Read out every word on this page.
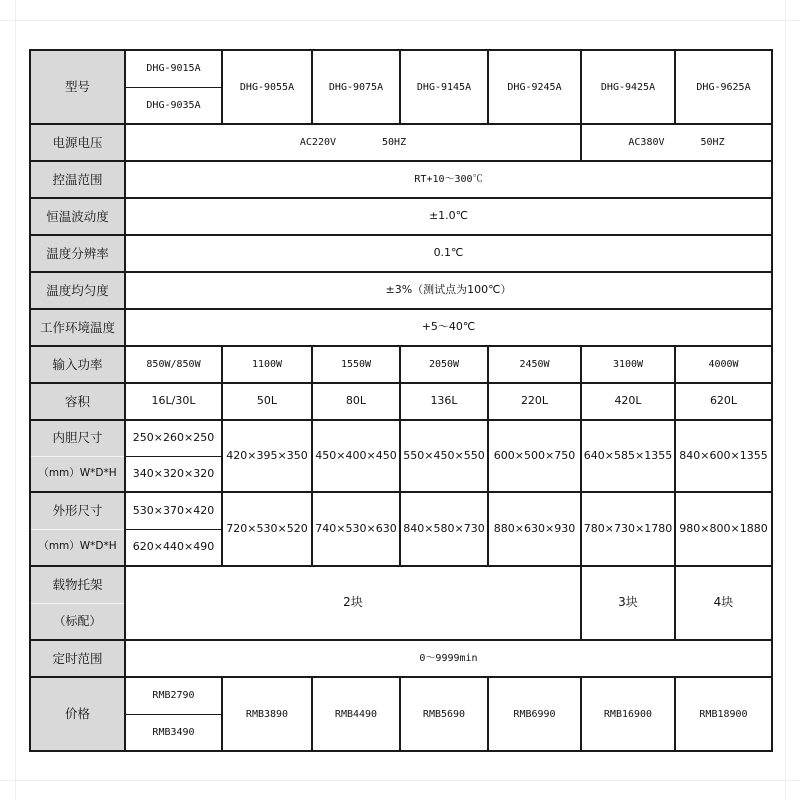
型号	DHG-9015A	DHG-9055A	DHG-9075A	DHG-9145A	DHG-9245A	DHG-9425A	DHG-9625A
	DHG-9035A						
电源电压	AC220V 50HZ					AC380V 50HZ	
控温范围	RT+10～300℃						
恒温波动度	±1.0℃						
温度分辨率	0.1℃						
温度均匀度	±3%（测试点为100℃）						
工作环境温度	+5～40℃						
输入功率	850W/850W	1100W	1550W	2050W	2450W	3100W	4000W
容积	16L/30L	50L	80L	136L	220L	420L	620L
内胆尺寸	250×260×250	420×395×350	450×400×450	550×450×550	600×500×750	640×585×1355	840×600×1355
（mm）W*D*H	340×320×320						
外形尺寸	530×370×420	720×530×520	740×530×630	840×580×730	880×630×930	780×730×1780	980×800×1880
（mm）W*D*H	620×440×490						
载物托架	2块					3块	4块
（标配）							
定时范围	0～9999min						
价格	RMB2790	RMB3890	RMB4490	RMB5690	RMB6990	RMB16900	RMB18900
	RMB3490						
